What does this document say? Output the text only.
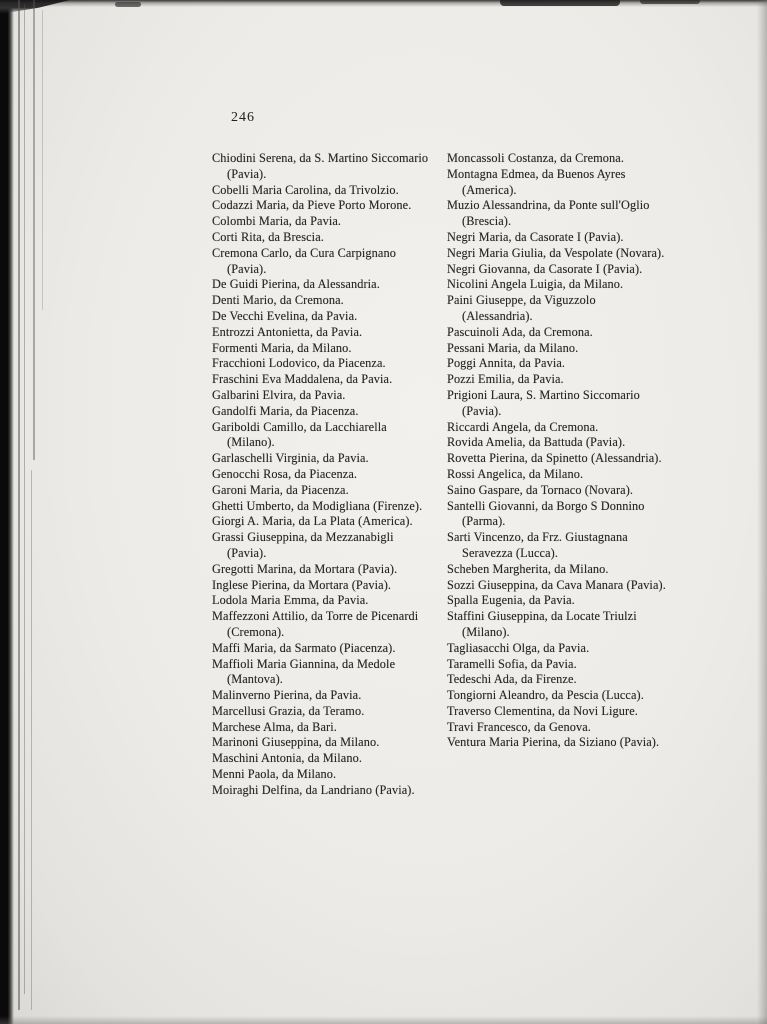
246
Chiodini Serena, da S. Martino Siccomario (Pavia).
Cobelli Maria Carolina, da Trivolzio.
Codazzi Maria, da Pieve Porto Morone.
Colombi Maria, da Pavia.
Corti Rita, da Brescia.
Cremona Carlo, da Cura Carpignano (Pavia).
De Guidi Pierina, da Alessandria.
Denti Mario, da Cremona.
De Vecchi Evelina, da Pavia.
Entrozzi Antonietta, da Pavia.
Formenti Maria, da Milano.
Fracchioni Lodovico, da Piacenza.
Fraschini Eva Maddalena, da Pavia.
Galbarini Elvira, da Pavia.
Gandolfi Maria, da Piacenza.
Gariboldi Camillo, da Lacchiarella (Milano).
Garlaschelli Virginia, da Pavia.
Genocchi Rosa, da Piacenza.
Garoni Maria, da Piacenza.
Ghetti Umberto, da Modigliana (Firenze).
Giorgi A. Maria, da La Plata (America).
Grassi Giuseppina, da Mezzanabigli (Pavia).
Gregotti Marina, da Mortara (Pavia).
Inglese Pierina, da Mortara (Pavia).
Lodola Maria Emma, da Pavia.
Maffezzoni Attilio, da Torre de Picenardi (Cremona).
Maffi Maria, da Sarmato (Piacenza).
Maffioli Maria Giannina, da Medole (Mantova).
Malinverno Pierina, da Pavia.
Marcellusi Grazia, da Teramo.
Marchese Alma, da Bari.
Marinoni Giuseppina, da Milano.
Maschini Antonia, da Milano.
Menni Paola, da Milano.
Moiraghi Delfina, da Landriano (Pavia).
Moncassoli Costanza, da Cremona.
Montagna Edmea, da Buenos Ayres (America).
Muzio Alessandrina, da Ponte sull'Oglio (Brescia).
Negri Maria, da Casorate I (Pavia).
Negri Maria Giulia, da Vespolate (Novara).
Negri Giovanna, da Casorate I (Pavia).
Nicolini Angela Luigia, da Milano.
Paini Giuseppe, da Viguzzolo (Alessandria).
Pascuinoli Ada, da Cremona.
Pessani Maria, da Milano.
Poggi Annita, da Pavia.
Pozzi Emilia, da Pavia.
Prigioni Laura, S. Martino Siccomario (Pavia).
Riccardi Angela, da Cremona.
Rovida Amelia, da Battuda (Pavia).
Rovetta Pierina, da Spinetto (Alessandria).
Rossi Angelica, da Milano.
Saino Gaspare, da Tornaco (Novara).
Santelli Giovanni, da Borgo S Donnino (Parma).
Sarti Vincenzo, da Frz. Giustagnana Seravezza (Lucca).
Scheben Margherita, da Milano.
Sozzi Giuseppina, da Cava Manara (Pavia).
Spalla Eugenia, da Pavia.
Staffini Giuseppina, da Locate Triulzi (Milano).
Tagliasacchi Olga, da Pavia.
Taramelli Sofia, da Pavia.
Tedeschi Ada, da Firenze.
Tongiorni Aleandro, da Pescia (Lucca).
Traverso Clementina, da Novi Ligure.
Travi Francesco, da Genova.
Ventura Maria Pierina, da Siziano (Pavia).
